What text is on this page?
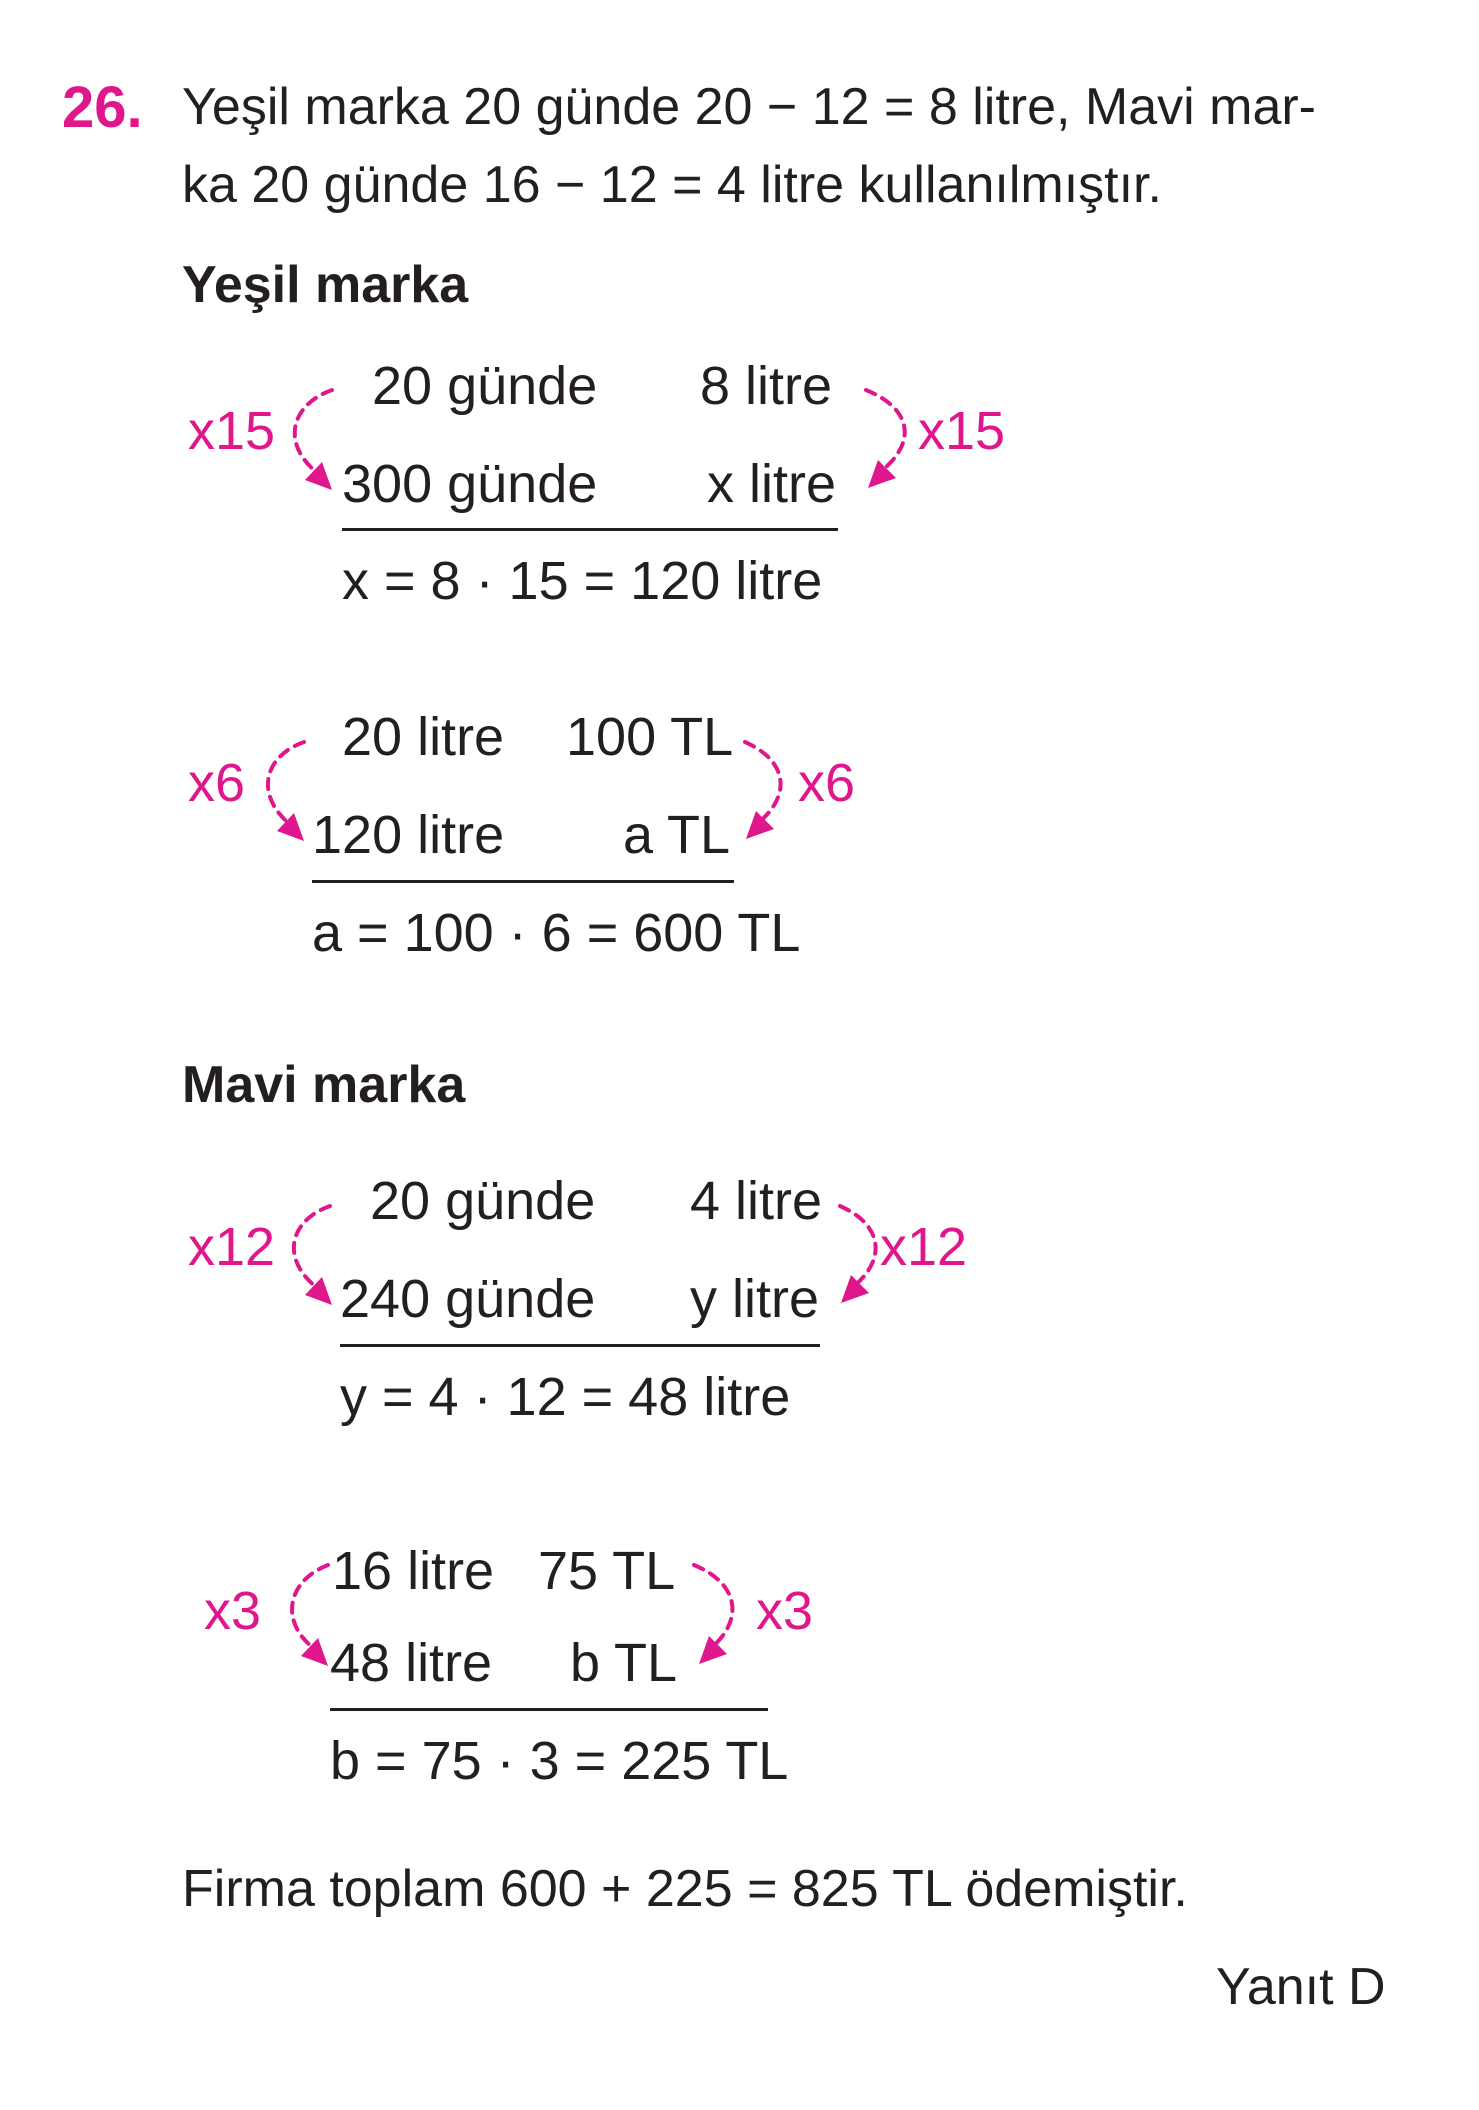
26. Yeşil marka 20 günde 20 − 12 = 8 litre, Mavi mar-
ka 20 günde 16 − 12 = 4 litre kullanılmıştır.
Yeşil marka
20 günde 8 litre
300 günde x litre
x15	x15
x = 8 · 15 = 120 litre
20 litre 100 TL
120 litre a TL
x6	x6
a = 100 · 6 = 600 TL
Mavi marka
20 günde 4 litre
240 günde y litre
x12	x12
y = 4 · 12 = 48 litre
16 litre 75 TL
48 litre b TL
x3	x3
b = 75 · 3 = 225 TL
Firma toplam 600 + 225 = 825 TL ödemiştir.
Yanıt D
